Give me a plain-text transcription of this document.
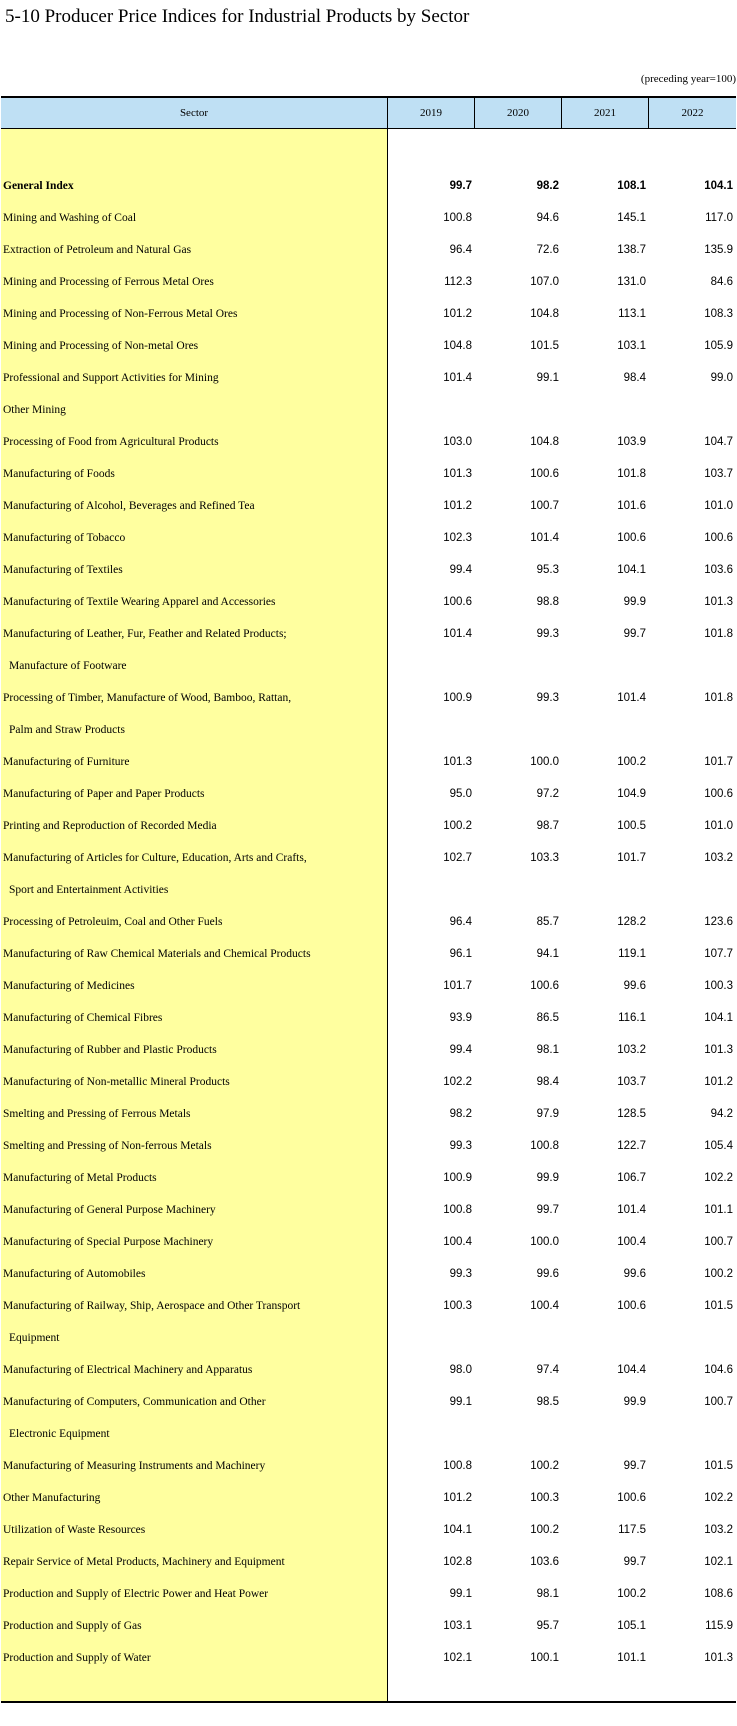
5-10 Producer Price Indices for Industrial Products by Sector
(preceding year=100)
Sector	2019	2020	2021	2022
General Index	99.7	98.2	108.1	104.1
Mining and Washing of Coal	100.8	94.6	145.1	117.0
Extraction of Petroleum and Natural Gas	96.4	72.6	138.7	135.9
Mining and Processing of Ferrous Metal Ores	112.3	107.0	131.0	84.6
Mining and Processing of Non-Ferrous Metal Ores	101.2	104.8	113.1	108.3
Mining and Processing of Non-metal Ores	104.8	101.5	103.1	105.9
Professional and Support Activities for Mining	101.4	99.1	98.4	99.0
Other Mining
Processing of Food from Agricultural Products	103.0	104.8	103.9	104.7
Manufacturing of Foods	101.3	100.6	101.8	103.7
Manufacturing of Alcohol, Beverages and Refined Tea	101.2	100.7	101.6	101.0
Manufacturing of Tobacco	102.3	101.4	100.6	100.6
Manufacturing of Textiles	99.4	95.3	104.1	103.6
Manufacturing of Textile Wearing Apparel and Accessories	100.6	98.8	99.9	101.3
Manufacturing of Leather, Fur, Feather and Related Products;	101.4	99.3	99.7	101.8
Manufacture of Footware
Processing of Timber, Manufacture of Wood, Bamboo, Rattan,	100.9	99.3	101.4	101.8
Palm and Straw Products
Manufacturing of Furniture	101.3	100.0	100.2	101.7
Manufacturing of Paper and Paper Products	95.0	97.2	104.9	100.6
Printing and Reproduction of Recorded Media	100.2	98.7	100.5	101.0
Manufacturing of Articles for Culture, Education, Arts and Crafts,	102.7	103.3	101.7	103.2
Sport and Entertainment Activities
Processing of Petroleuim, Coal and Other Fuels	96.4	85.7	128.2	123.6
Manufacturing of Raw Chemical Materials and Chemical Products	96.1	94.1	119.1	107.7
Manufacturing of Medicines	101.7	100.6	99.6	100.3
Manufacturing of Chemical Fibres	93.9	86.5	116.1	104.1
Manufacturing of Rubber and Plastic Products	99.4	98.1	103.2	101.3
Manufacturing of Non-metallic Mineral Products	102.2	98.4	103.7	101.2
Smelting and Pressing of Ferrous Metals	98.2	97.9	128.5	94.2
Smelting and Pressing of Non-ferrous Metals	99.3	100.8	122.7	105.4
Manufacturing of Metal Products	100.9	99.9	106.7	102.2
Manufacturing of General Purpose Machinery	100.8	99.7	101.4	101.1
Manufacturing of Special Purpose Machinery	100.4	100.0	100.4	100.7
Manufacturing of Automobiles	99.3	99.6	99.6	100.2
Manufacturing of Railway, Ship, Aerospace and Other Transport	100.3	100.4	100.6	101.5
Equipment
Manufacturing of Electrical Machinery and Apparatus	98.0	97.4	104.4	104.6
Manufacturing of Computers, Communication and Other	99.1	98.5	99.9	100.7
Electronic Equipment
Manufacturing of Measuring Instruments and Machinery	100.8	100.2	99.7	101.5
Other Manufacturing	101.2	100.3	100.6	102.2
Utilization of Waste Resources	104.1	100.2	117.5	103.2
Repair Service of Metal Products, Machinery and Equipment	102.8	103.6	99.7	102.1
Production and Supply of Electric Power and Heat Power	99.1	98.1	100.2	108.6
Production and Supply of Gas	103.1	95.7	105.1	115.9
Production and Supply of Water	102.1	100.1	101.1	101.3
